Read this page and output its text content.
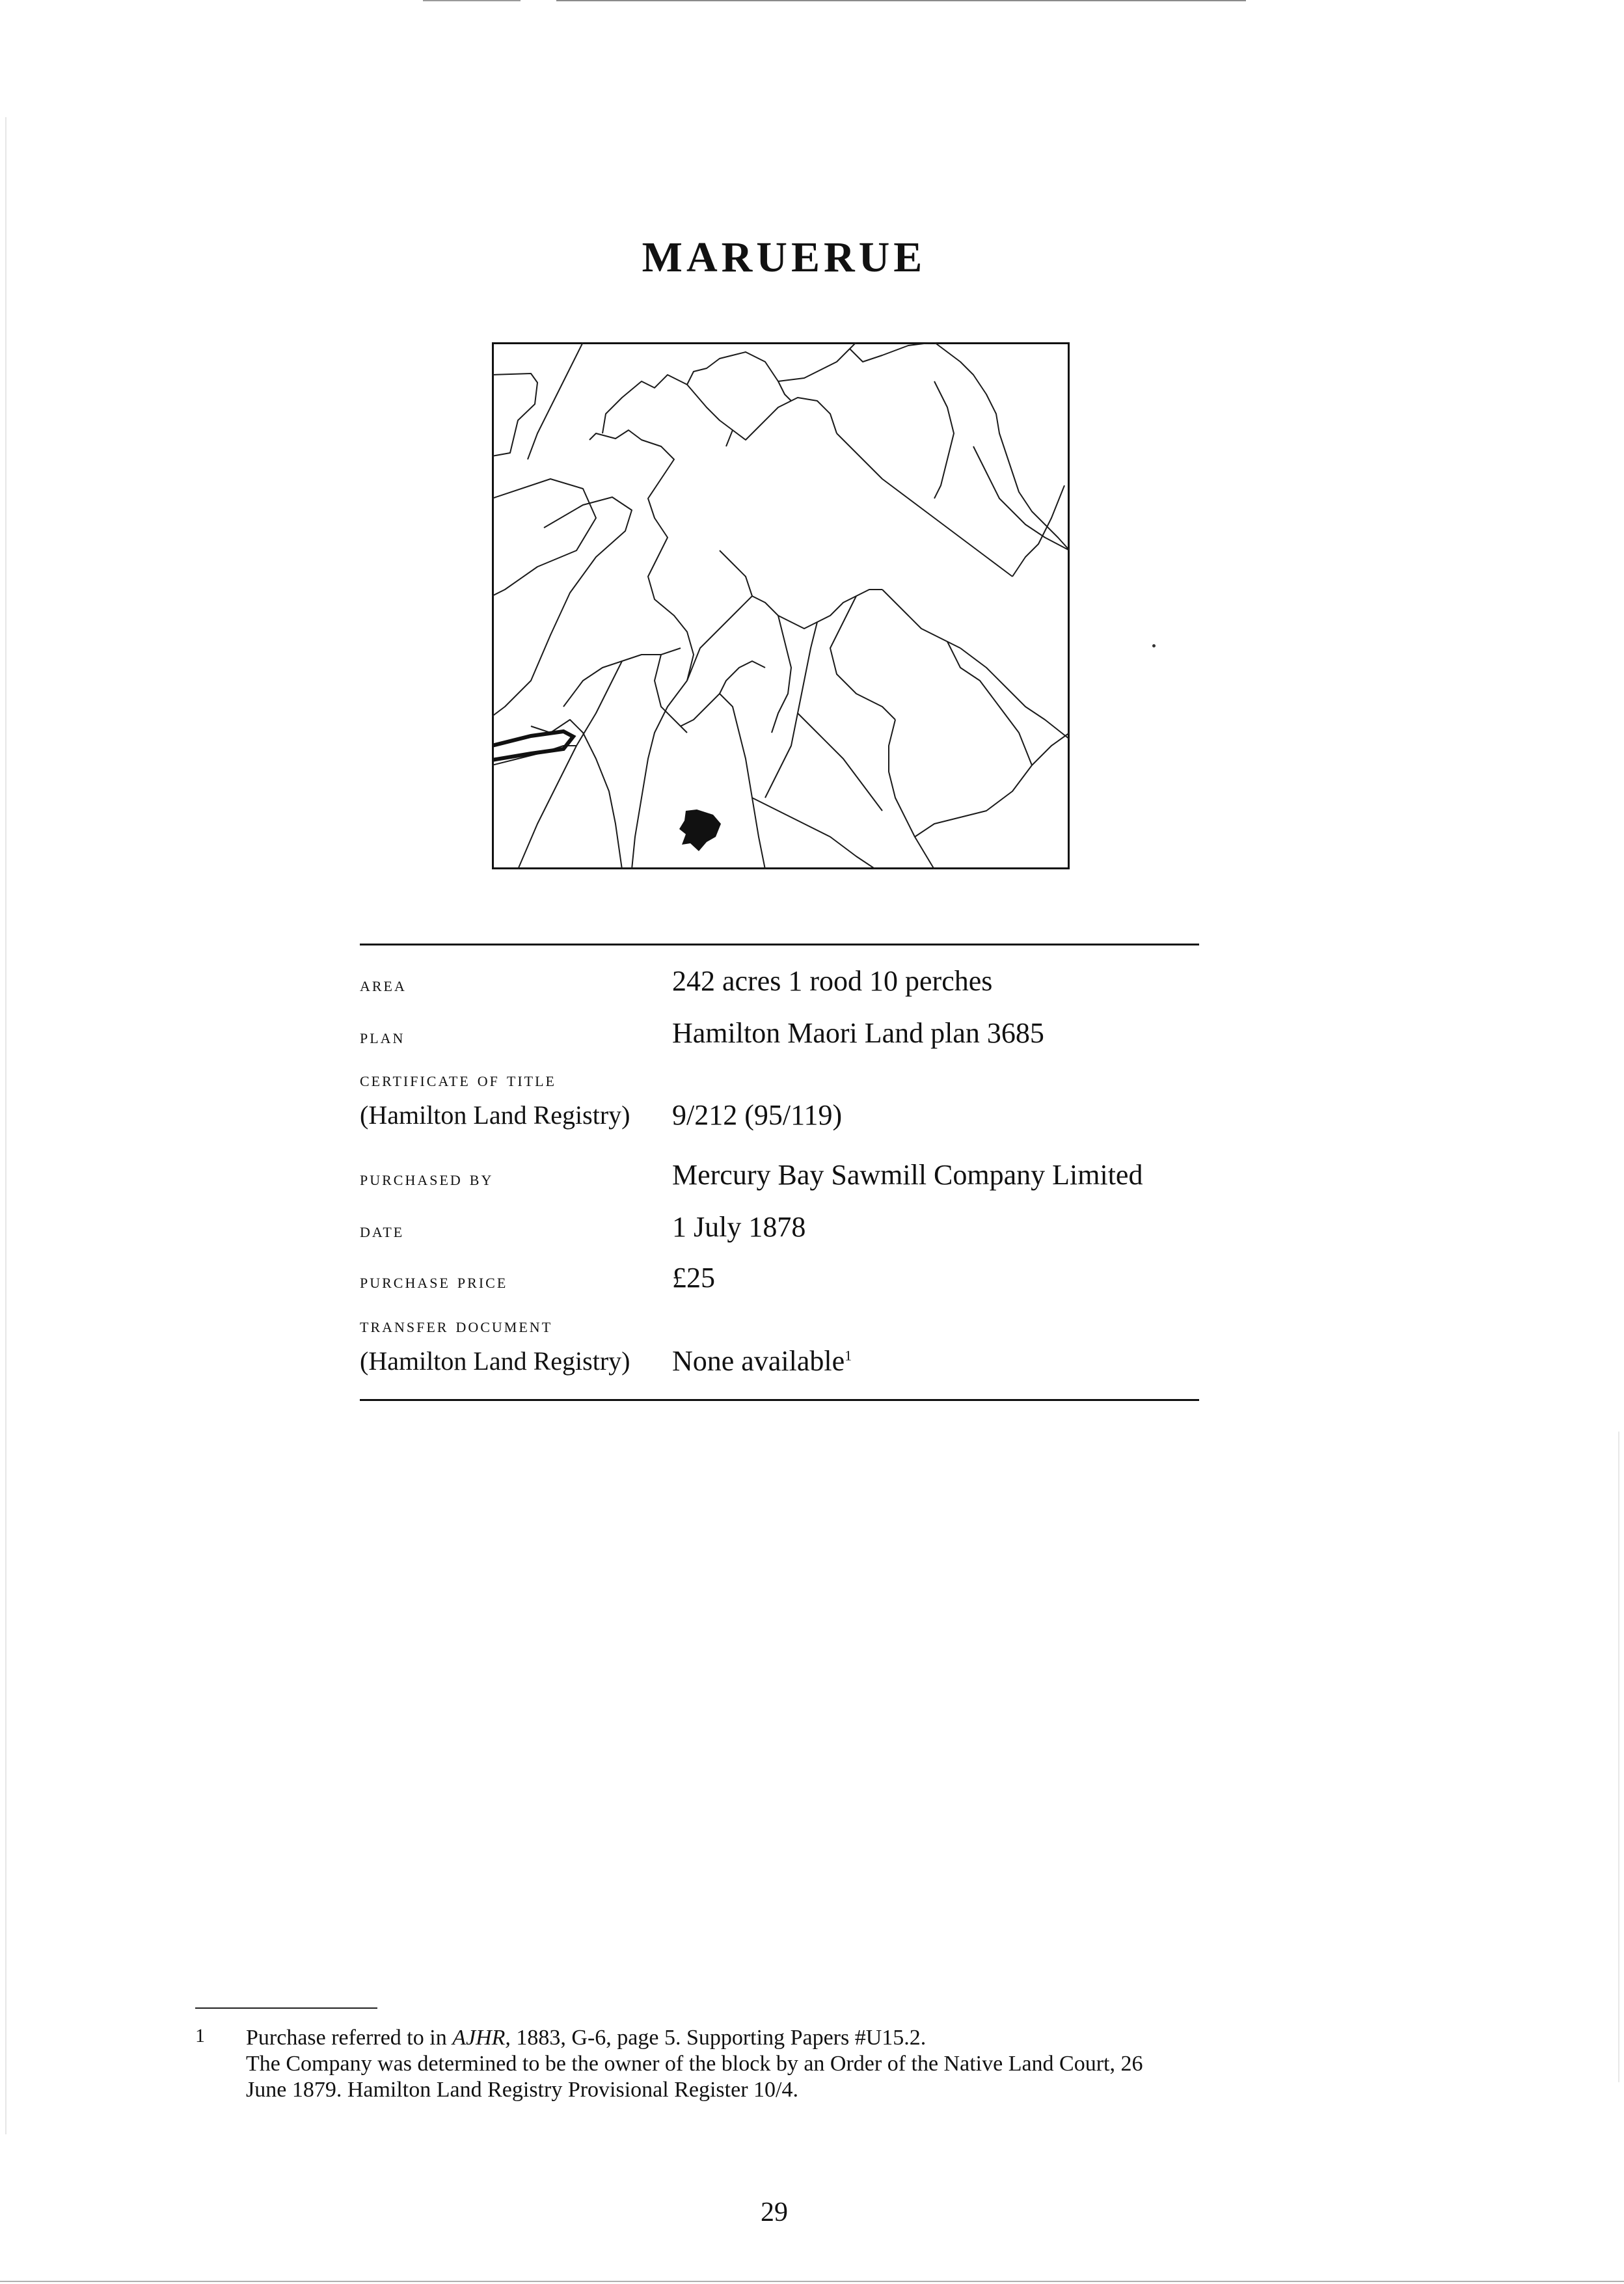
MARUERUE
area	242 acres 1 rood 10 perches
plan	Hamilton Maori Land plan 3685
certificate of title
(Hamilton Land Registry) 9/212 (95/119)
purchased by	Mercury Bay Sawmill Company Limited
date	1 July 1878
purchase price	£25
transfer document
(Hamilton Land Registry) None available$^1$
1 Purchase referred to in AJHR, 1883, G-6, page 5. Supporting Papers #U15.2.
The Company was determined to be the owner of the block by an Order of the Native Land Court, 26
June 1879. Hamilton Land Registry Provisional Register 10/4.
29
